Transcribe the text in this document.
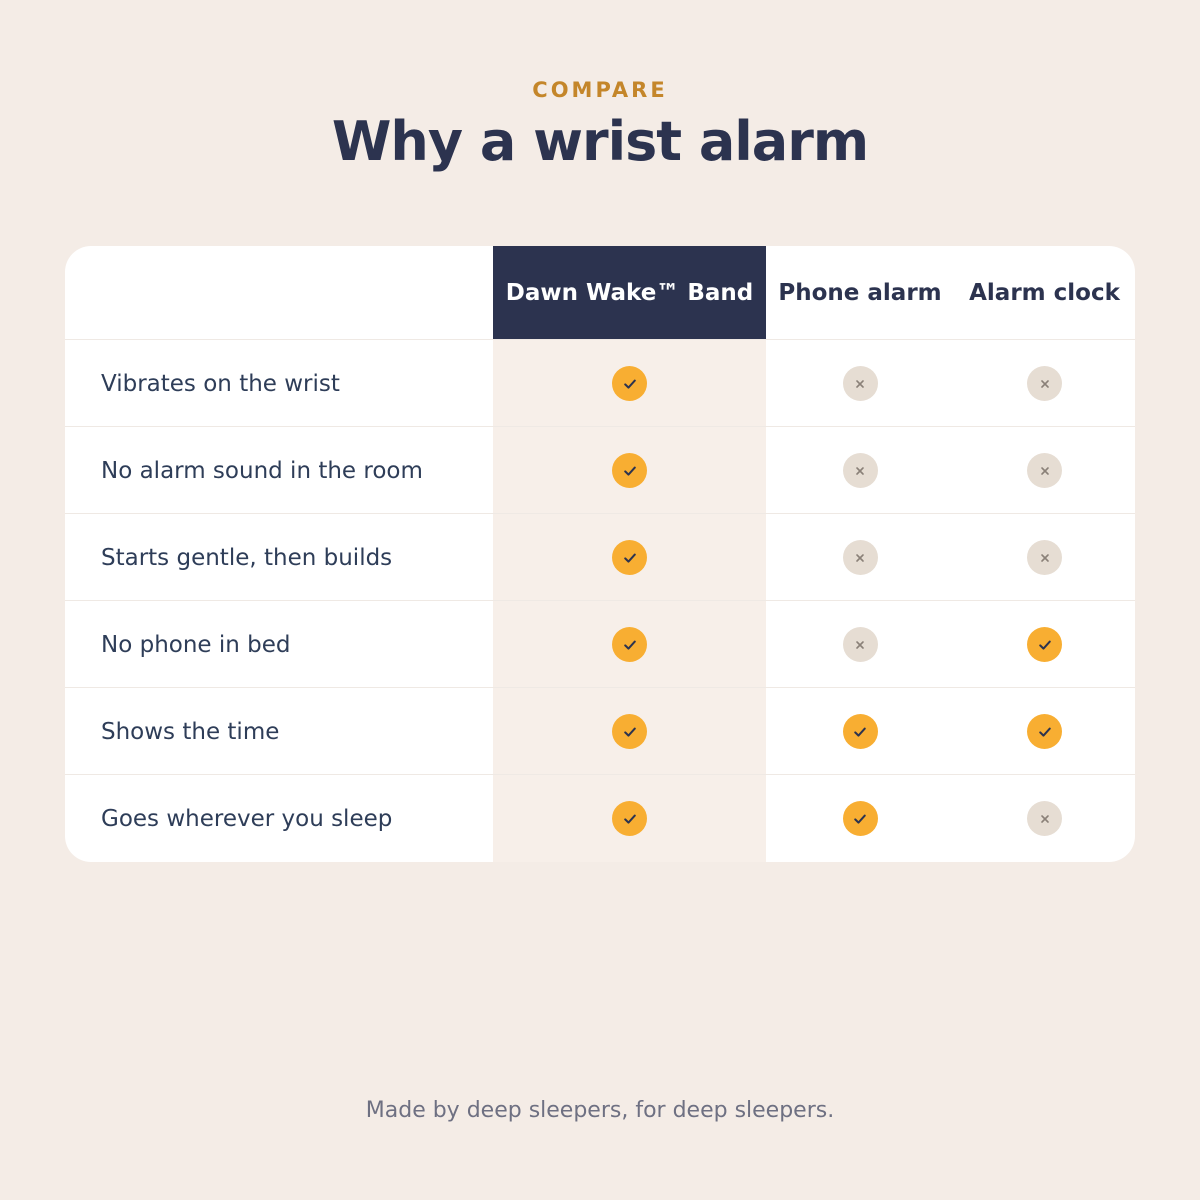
COMPARE
Why a wrist alarm
Dawn Wake™ Band	Phone alarm	Alarm clock
Vibrates on the wrist
No alarm sound in the room
Starts gentle, then builds
No phone in bed
Shows the time
Goes wherever you sleep
Made by deep sleepers, for deep sleepers.
